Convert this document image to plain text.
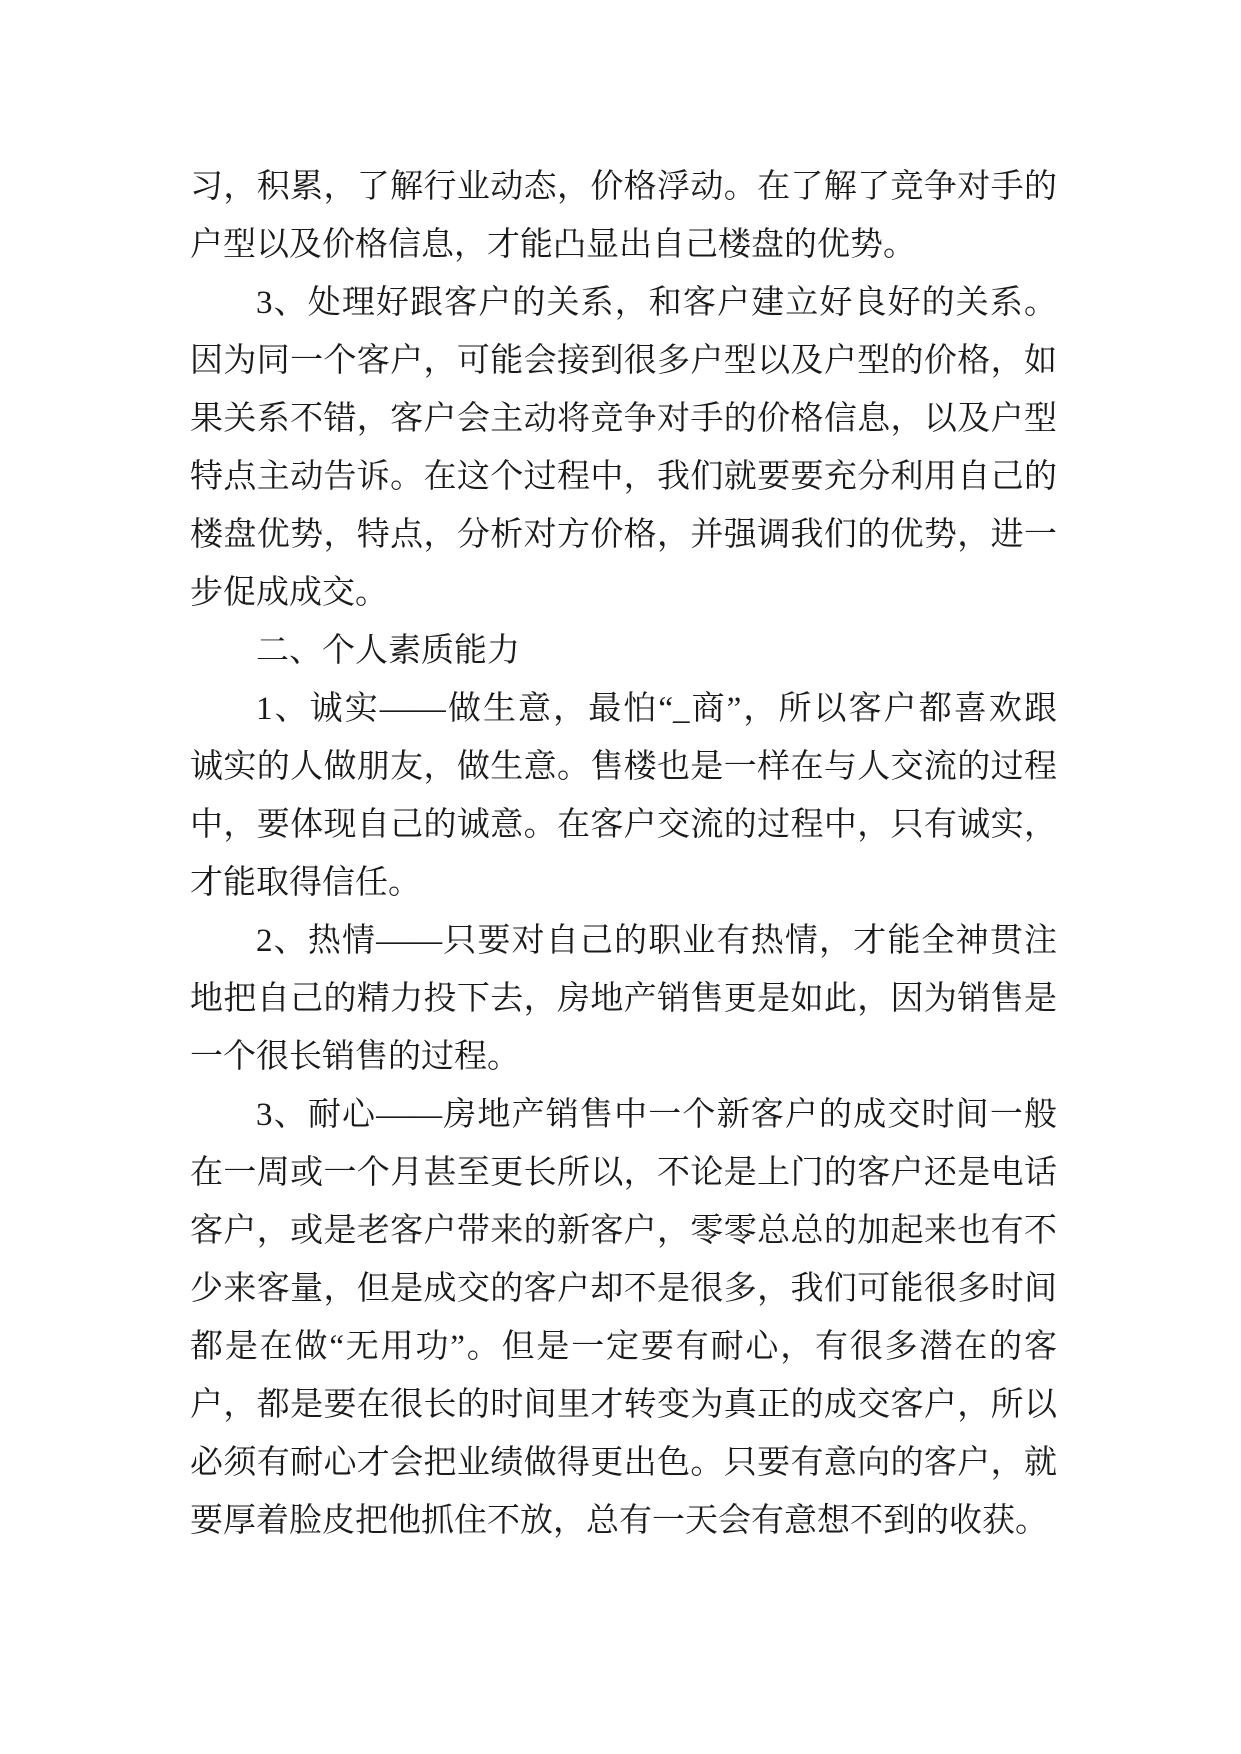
习，积累，了解行业动态，价格浮动。在了解了竞争对手的
户型以及价格信息，才能凸显出自己楼盘的优势。
3、处理好跟客户的关系，和客户建立好良好的关系。
因为同一个客户，可能会接到很多户型以及户型的价格，如
果关系不错，客户会主动将竞争对手的价格信息，以及户型
特点主动告诉。在这个过程中，我们就要要充分利用自己的
楼盘优势，特点，分析对方价格，并强调我们的优势，进一
步促成成交。
二、个人素质能力
1、诚实——做生意，最怕“_商”，所以客户都喜欢跟
诚实的人做朋友，做生意。售楼也是一样在与人交流的过程
中，要体现自己的诚意。在客户交流的过程中，只有诚实，
才能取得信任。
2、热情——只要对自己的职业有热情，才能全神贯注
地把自己的精力投下去，房地产销售更是如此，因为销售是
一个很长销售的过程。
3、耐心——房地产销售中一个新客户的成交时间一般
在一周或一个月甚至更长所以，不论是上门的客户还是电话
客户，或是老客户带来的新客户，零零总总的加起来也有不
少来客量，但是成交的客户却不是很多，我们可能很多时间
都是在做“无用功”。但是一定要有耐心，有很多潜在的客
户，都是要在很长的时间里才转变为真正的成交客户，所以
必须有耐心才会把业绩做得更出色。只要有意向的客户，就
要厚着脸皮把他抓住不放，总有一天会有意想不到的收获。
